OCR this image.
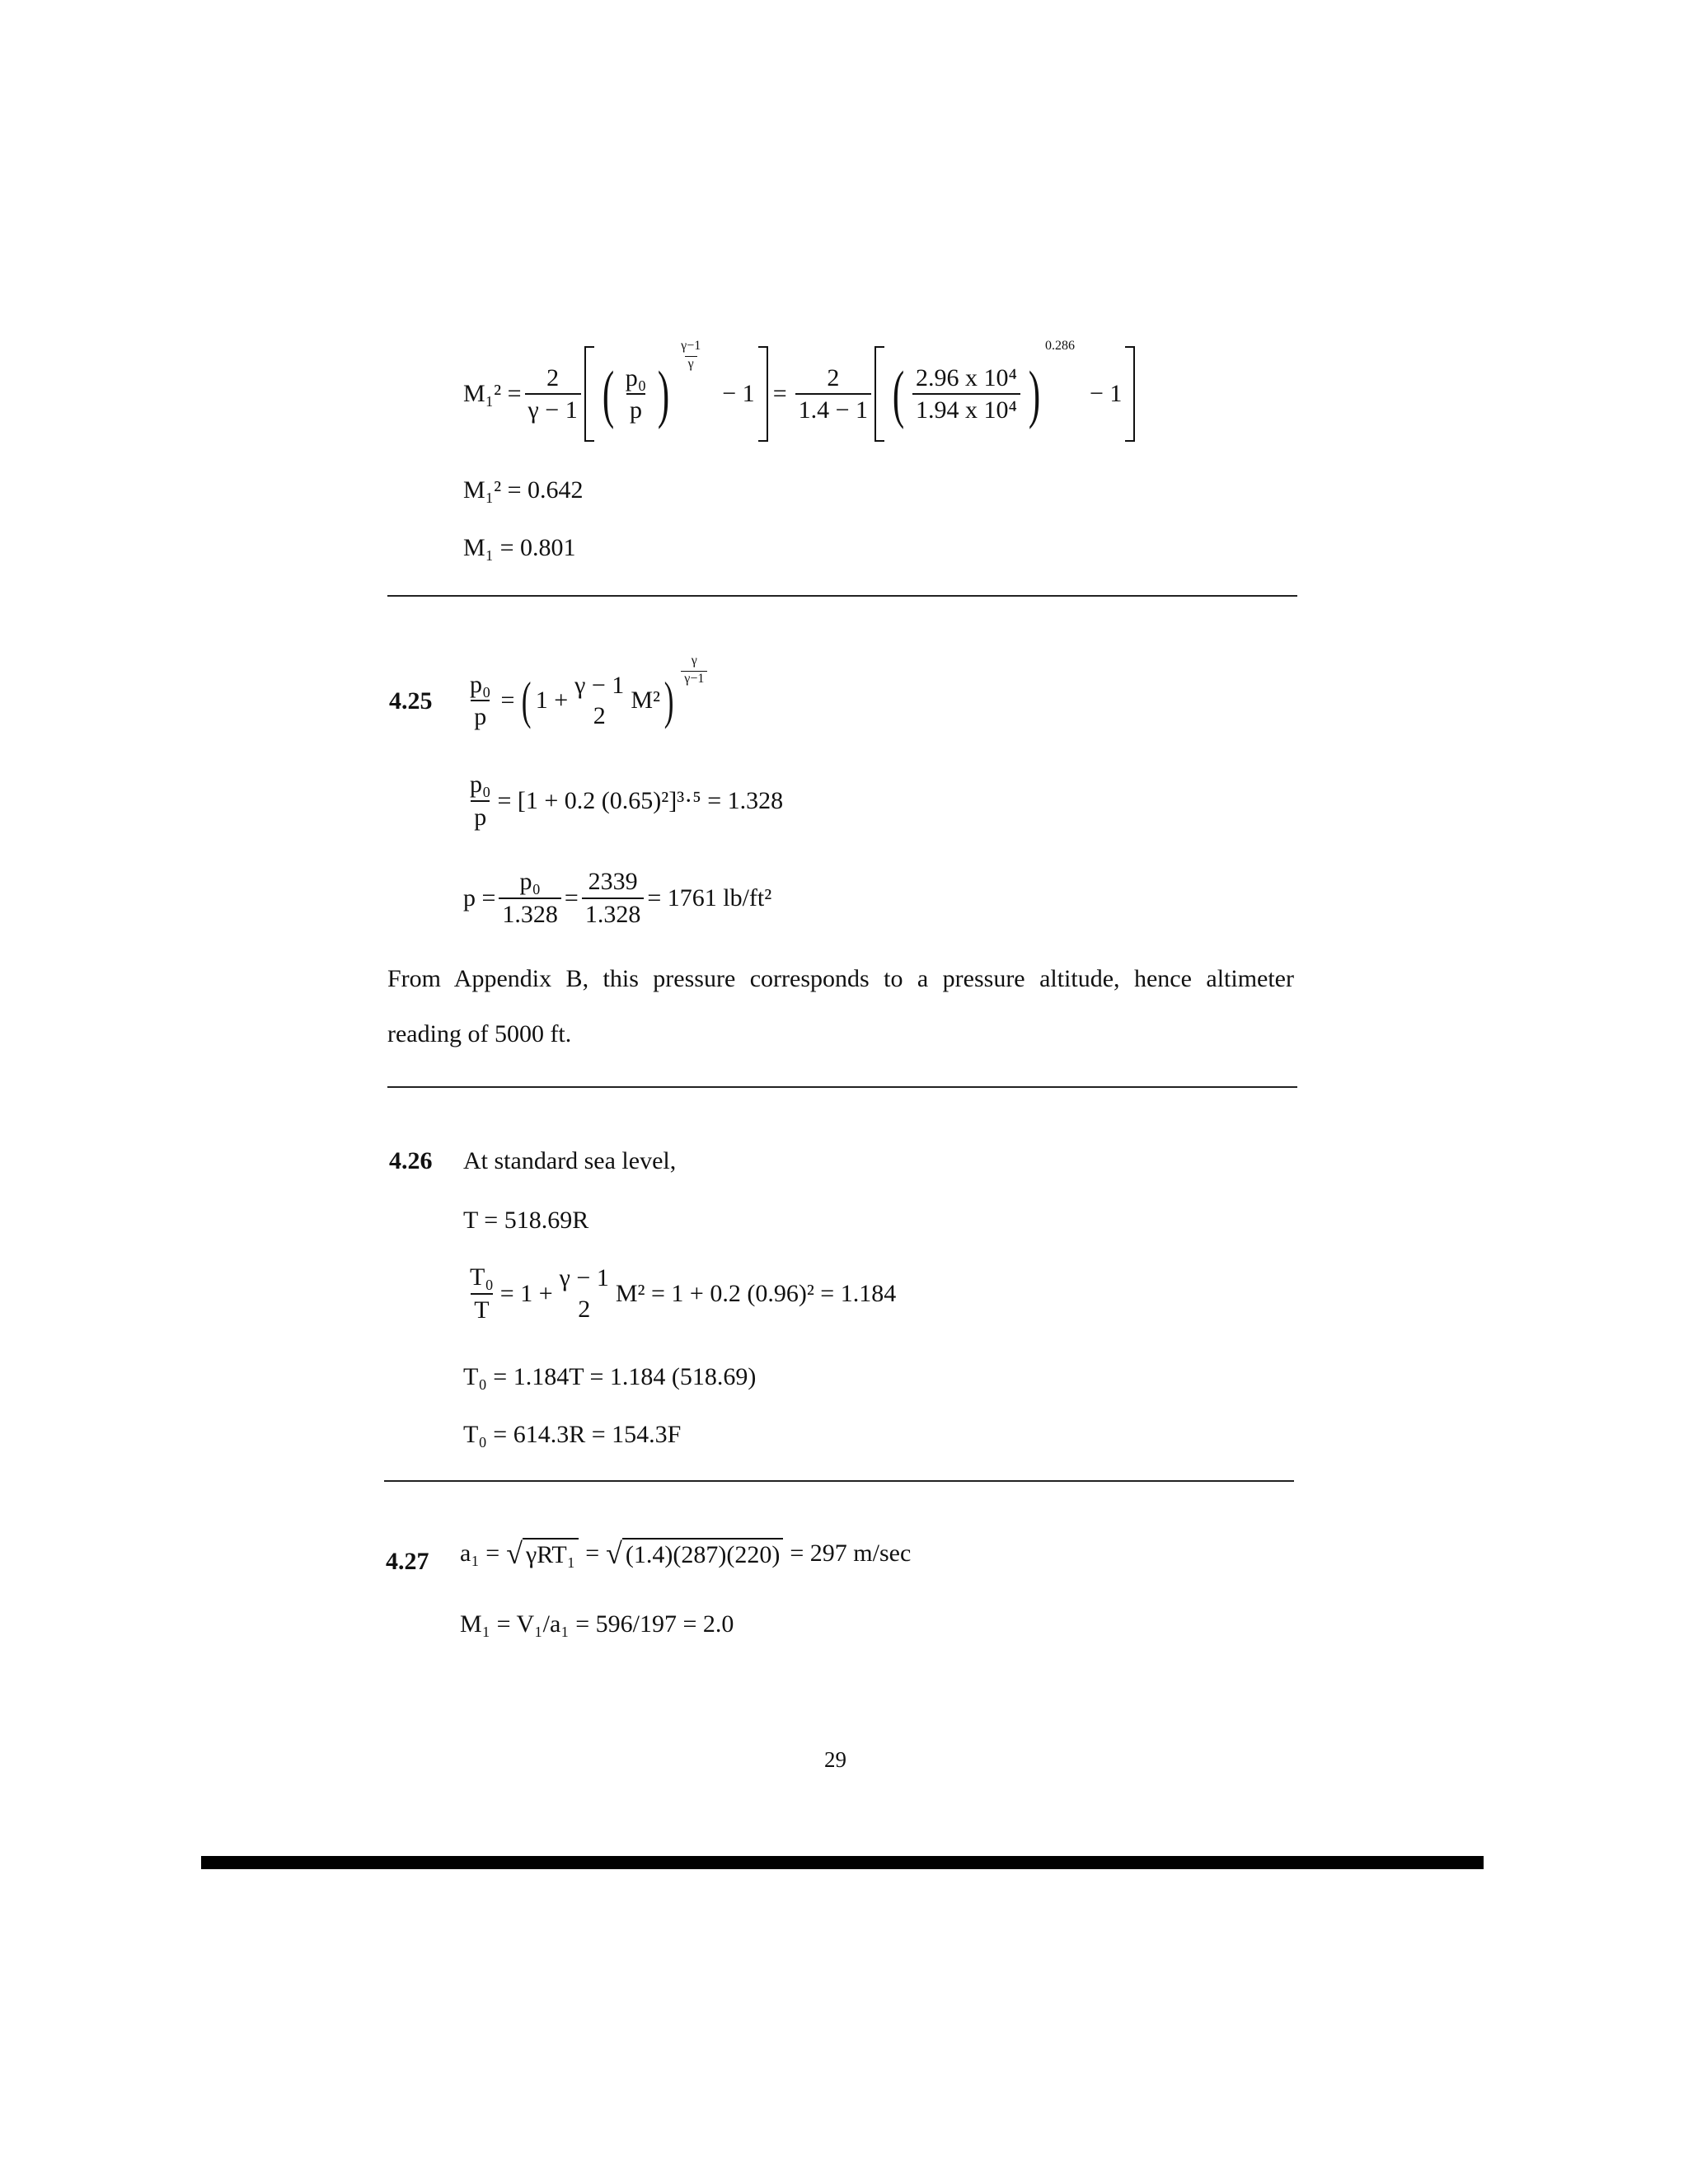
$M_1^2 = \frac{2}{\gamma - 1}$ ( $\frac{\text{p₀}}{p}$ )
$\frac{\gamma-1}{\gamma}$
− $1 = \frac{2}{1.4 - 1}$ ( $\frac{\text{2.96 x 10⁴}}{\text{1.94 x 10⁴}}$ )
0.286
− 1
M₁² = 0.642
M₁ = 0.801
$4.25 \frac{\text{p₀}}{p}$ = ( 1 +
γ − 1
2
M² )
$\frac{\gamma}{\gamma-1}$
$\frac{\text{p₀}}{p} = [1 + 0.2$ (0.65)²]³·⁵ = 1.328
$p = \frac{\text{p₀}}{1.328} = \frac{2339}{1.328} = 1761$ lb/ft²
From Appendix B, this pressure corresponds to a pressure altitude, hence altimeter
reading of 5000 ft.
4.26 At standard sea level,
T = 518.69R
$\frac{\text{T₀}}{T} = 1$ +
γ − 1
2
M² = 1 + 0.2 (0.96)² = 1.184
T₀ = 1.184T = 1.184 (518.69)
T₀ = 614.3R = 154.3F
4.27 a₁ = √ γRT₁ = √ (1.4)(287)(220) = 297 m/sec
M₁ = V₁/a₁ = 596/197 = 2.0
29
